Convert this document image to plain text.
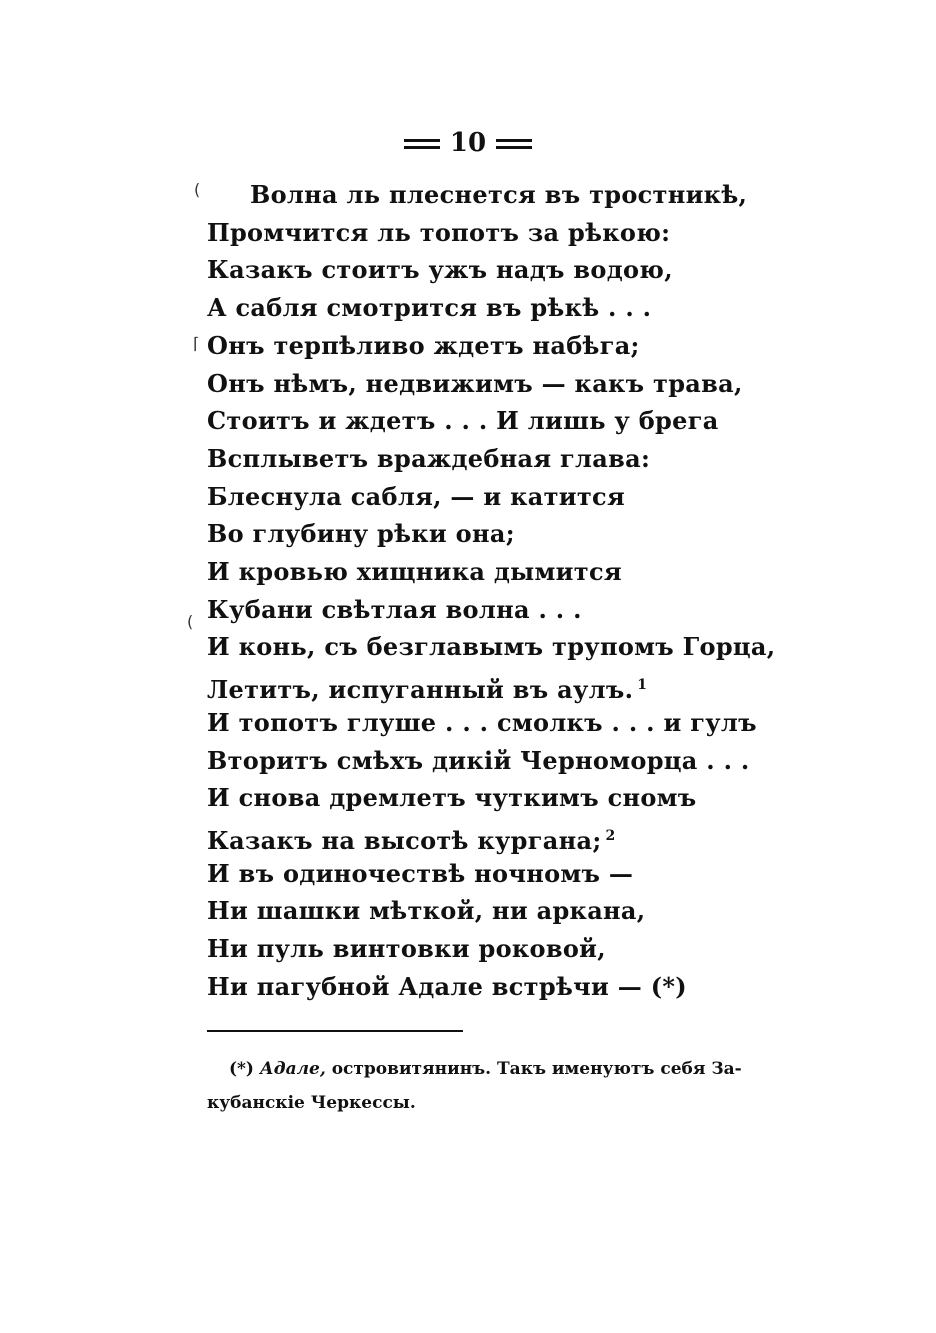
10
(
⌈
(
Волна ль плеснется въ тростникѣ,
Промчится ль топотъ за рѣкою:
Казакъ стоитъ ужъ надъ водою,
А сабля смотрится въ рѣкѣ . . .
Онъ терпѣливо ждетъ набѣга;
Онъ нѣмъ, недвижимъ — какъ трава,
Стоитъ и ждетъ . . . И лишь у брега
Всплыветъ враждебная глава:
Блеснула сабля, — и катится
Во глубину рѣки она;
И кровью хищника дымится
Кубани свѣтлая волна . . .
И конь, съ безглавымъ трупомъ Горца,
Летитъ, испуганный въ аулъ. $^1$
И топотъ глуше . . . смолкъ . . . и гулъ
Вторитъ смѣхъ дикій Черноморца . . .
И снова дремлетъ чуткимъ сномъ
Казакъ на высотѣ кургана; $^2$
И въ одиночествѣ ночномъ —
Ни шашки мѣткой, ни аркана,
Ни пуль винтовки роковой,
Ни пагубной Адале встрѣчи — (*)
(*) Адале, островитянинъ. Такъ именуютъ себя За-
кубанскіе Черкессы.
